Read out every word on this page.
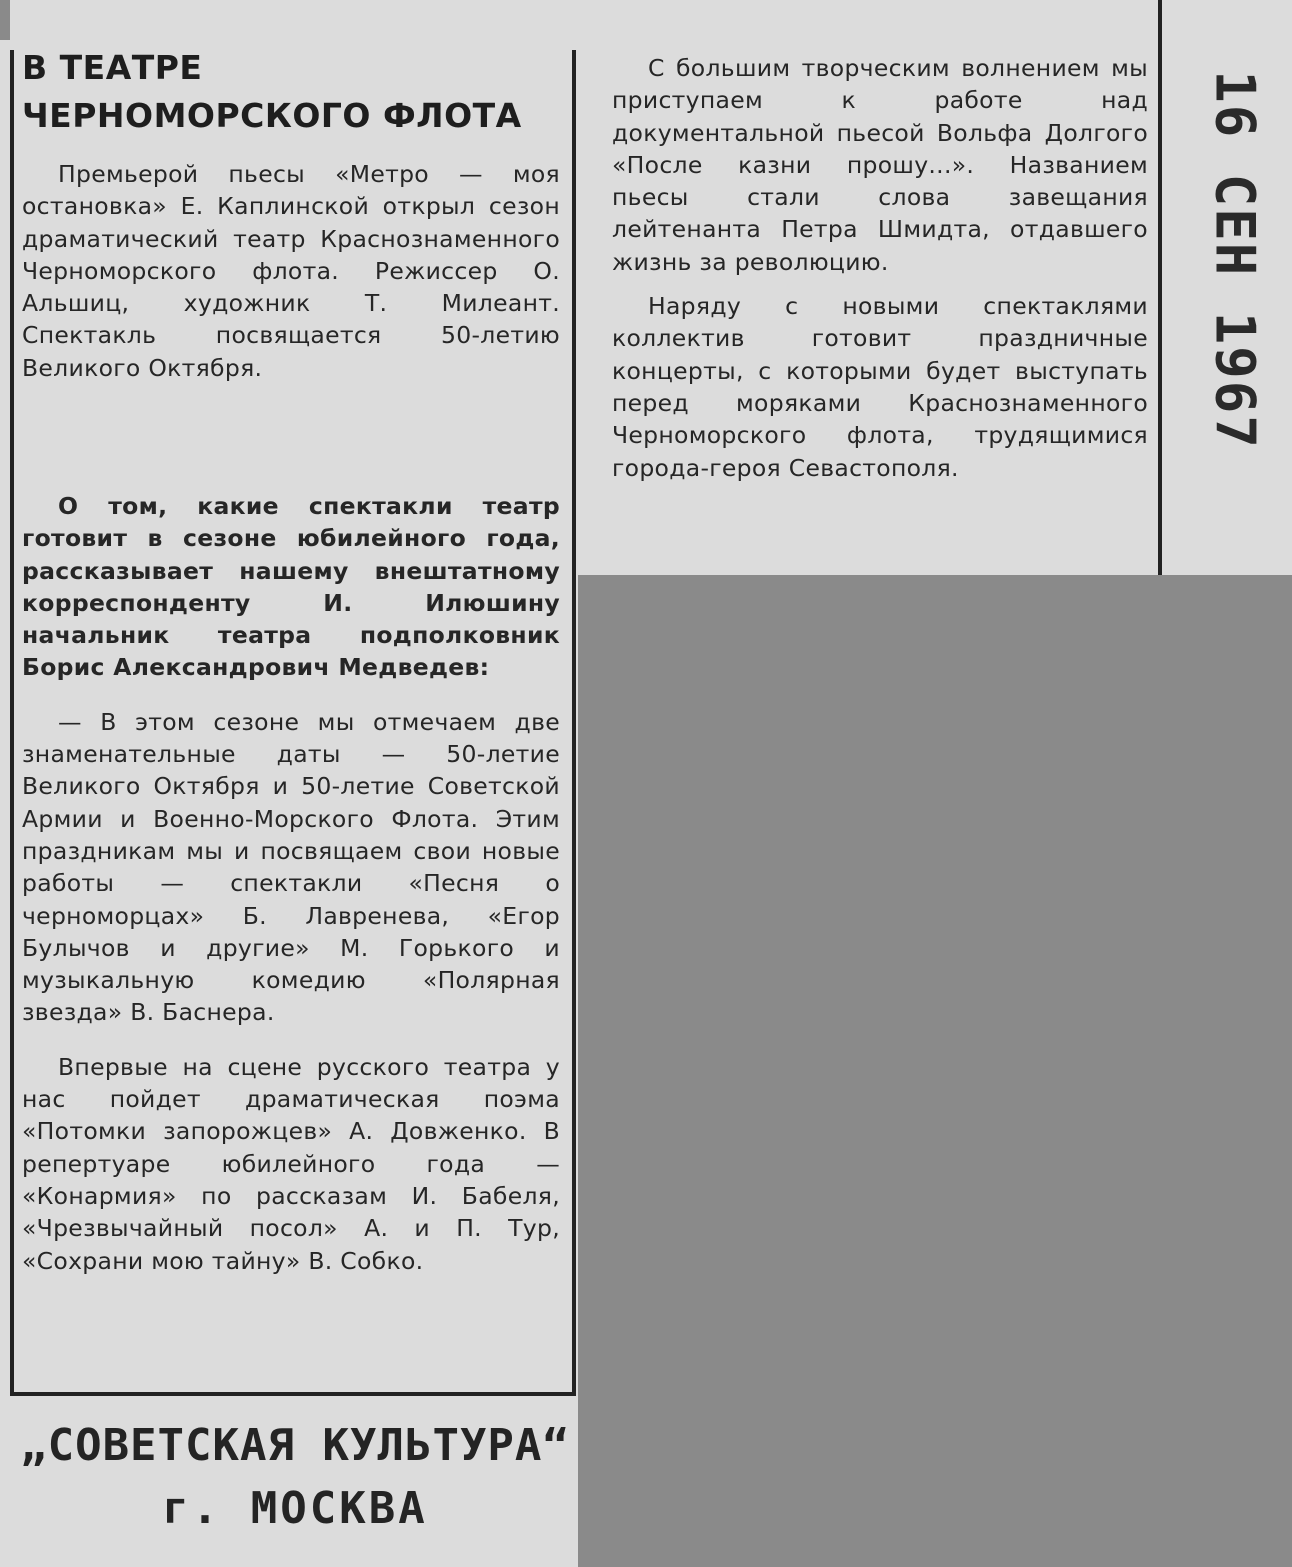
В ТЕАТРЕ
ЧЕРНОМОРСКОГО ФЛОТА

Премьерой пьесы «Метро — моя остановка» Е. Каплинской открыл сезон драматический театр Краснознаменного Черноморского флота. Режиссер О. Альшиц, художник Т. Милеант. Спектакль посвящается 50-летию Великого Октября.

О том, какие спектакли театр готовит в сезоне юбилейного года, рассказывает нашему внештатному корреспонденту И. Илюшину начальник театра подполковник Борис Александрович Медведев:

— В этом сезоне мы отмечаем две знаменательные даты — 50-летие Великого Октября и 50-летие Советской Армии и Военно-Морского Флота. Этим праздникам мы и посвящаем свои новые работы — спектакли «Песня о черноморцах» Б. Лавренева, «Егор Булычов и другие» М. Горького и музыкальную комедию «Полярная звезда» В. Баснера.

Впервые на сцене русского театра у нас пойдет драматическая поэма «Потомки запорожцев» А. Довженко. В репертуаре юбилейного года — «Конармия» по рассказам И. Бабеля, «Чрезвычайный посол» А. и П. Тур, «Сохрани мою тайну» В. Собко.

С большим творческим волнением мы приступаем к работе над документальной пьесой Вольфа Долгого «После казни прошу...». Названием пьесы стали слова завещания лейтенанта Петра Шмидта, отдавшего жизнь за революцию.

Наряду с новыми спектаклями коллектив готовит праздничные концерты, с которыми будет выступать перед моряками Краснознаменного Черноморского флота, трудящимися города-героя Севастополя.

16 СЕН 1967
„СОВЕТСКАЯ КУЛЬТУРА“
г. МОСКВА
